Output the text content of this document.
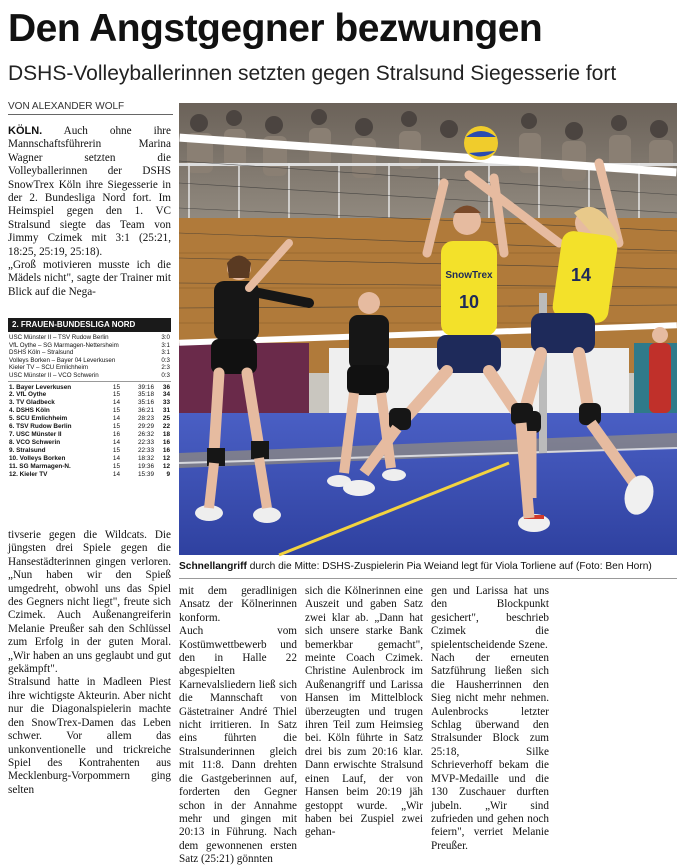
Den Angstgegner bezwungen
DSHS-Volleyballerinnen setzten gegen Stralsund Siegesserie fort
VON ALEXANDER WOLF

KÖLN. Auch ohne ihre Mannschaftsführerin Marina Wagner setzten die Volleyballerinnen der DSHS SnowTrex Köln ihre Siegesserie in der 2. Bundesliga Nord fort. Im Heimspiel gegen den 1. VC Stralsund siegte das Team von Jimmy Czimek mit 3:1 (25:21, 18:25, 25:19, 25:18).

„Groß motivieren musste ich die Mädels nicht", sagte der Trainer mit Blick auf die Nega-

2. FRAUEN-BUNDESLIGA NORD
USC Münster II – TSV Rudow Berlin	3:0
VfL Oythe – SG Marmagen-Nettersheim	3:1
DSHS Köln – Stralsund	3:1
Volleys Borken – Bayer 04 Leverkusen	0:3
Kieler TV – SCU Emlichheim	2:3
USC Münster II – VCO Schwerin	0:3
1. Bayer Leverkusen	15	39:16	36
2. VfL Oythe	15	35:18	34
3. TV Gladbeck	14	35:16	33
4. DSHS Köln	15	36:21	31
5. SCU Emlichheim	14	28:23	25
6. TSV Rudow Berlin	15	29:29	22
7. USC Münster II	16	26:32	18
8. VCO Schwerin	14	22:33	16
9. Stralsund	15	22:33	16
10. Volleys Borken	14	18:32	12
11. SG Marmagen-N.	15	19:36	12
12. Kieler TV	14	15:39	9
SnowTrex
10
14
Schnellangriff durch die Mitte: DSHS-Zuspielerin Pia Weiand legt für Viola Torliene auf (Foto: Ben Horn)

tivserie gegen die Wildcats. Die jüngsten drei Spiele gegen die Hansestädterinnen gingen verloren. „Nun haben wir den Spieß umgedreht, obwohl uns das Spiel des Gegners nicht liegt", freute sich Czimek. Auch Außenangreiferin Melanie Preußer sah den Schlüssel zum Erfolg in der guten Moral. „Wir haben an uns geglaubt und gut gekämpft".

Stralsund hatte in Madleen Piest ihre wichtigste Akteurin. Aber nicht nur die Diagonalspielerin machte den SnowTrex-Damen das Leben schwer. Vor allem das unkonventionelle und trickreiche Spiel des Kontrahenten aus Mecklenburg-Vorpommern ging selten

mit dem geradlinigen Ansatz der Kölnerinnen konform.

Auch vom Kostümwettbewerb und den in Halle 22 abgespielten Karnevalsliedern ließ sich die Mannschaft von Gästetrainer André Thiel nicht irritieren. In Satz eins führten die Stralsunderinnen gleich mit 11:8. Dann drehten die Gastgeberinnen auf, forderten den Gegner schon in der Annahme mehr und gingen mit 20:13 in Führung. Nach dem gewonnenen ersten Satz (25:21) gönnten

sich die Kölnerinnen eine Auszeit und gaben Satz zwei klar ab. „Dann hat sich unsere starke Bank bemerkbar gemacht", meinte Coach Czimek. Christine Aulenbrock im Außenangriff und Larissa Hansen im Mittelblock überzeugten und trugen ihren Teil zum Heimsieg bei. Köln führte in Satz drei bis zum 20:16 klar. Dann erwischte Stralsund einen Lauf, der von Hansen beim 20:19 jäh gestoppt wurde. „Wir haben bei Zuspiel zwei gehan-

gen und Larissa hat uns den Blockpunkt gesichert", beschrieb Czimek die spielentscheidende Szene.

Nach der erneuten Satzführung ließen sich die Hausherrinnen den Sieg nicht mehr nehmen. Aulenbrocks letzter Schlag überwand den Stralsunder Block zum 25:18, Silke Schrieverhoff bekam die MVP-Medaille und die 130 Zuschauer durften jubeln. „Wir sind zufrieden und gehen noch feiern", verriet Melanie Preußer.
